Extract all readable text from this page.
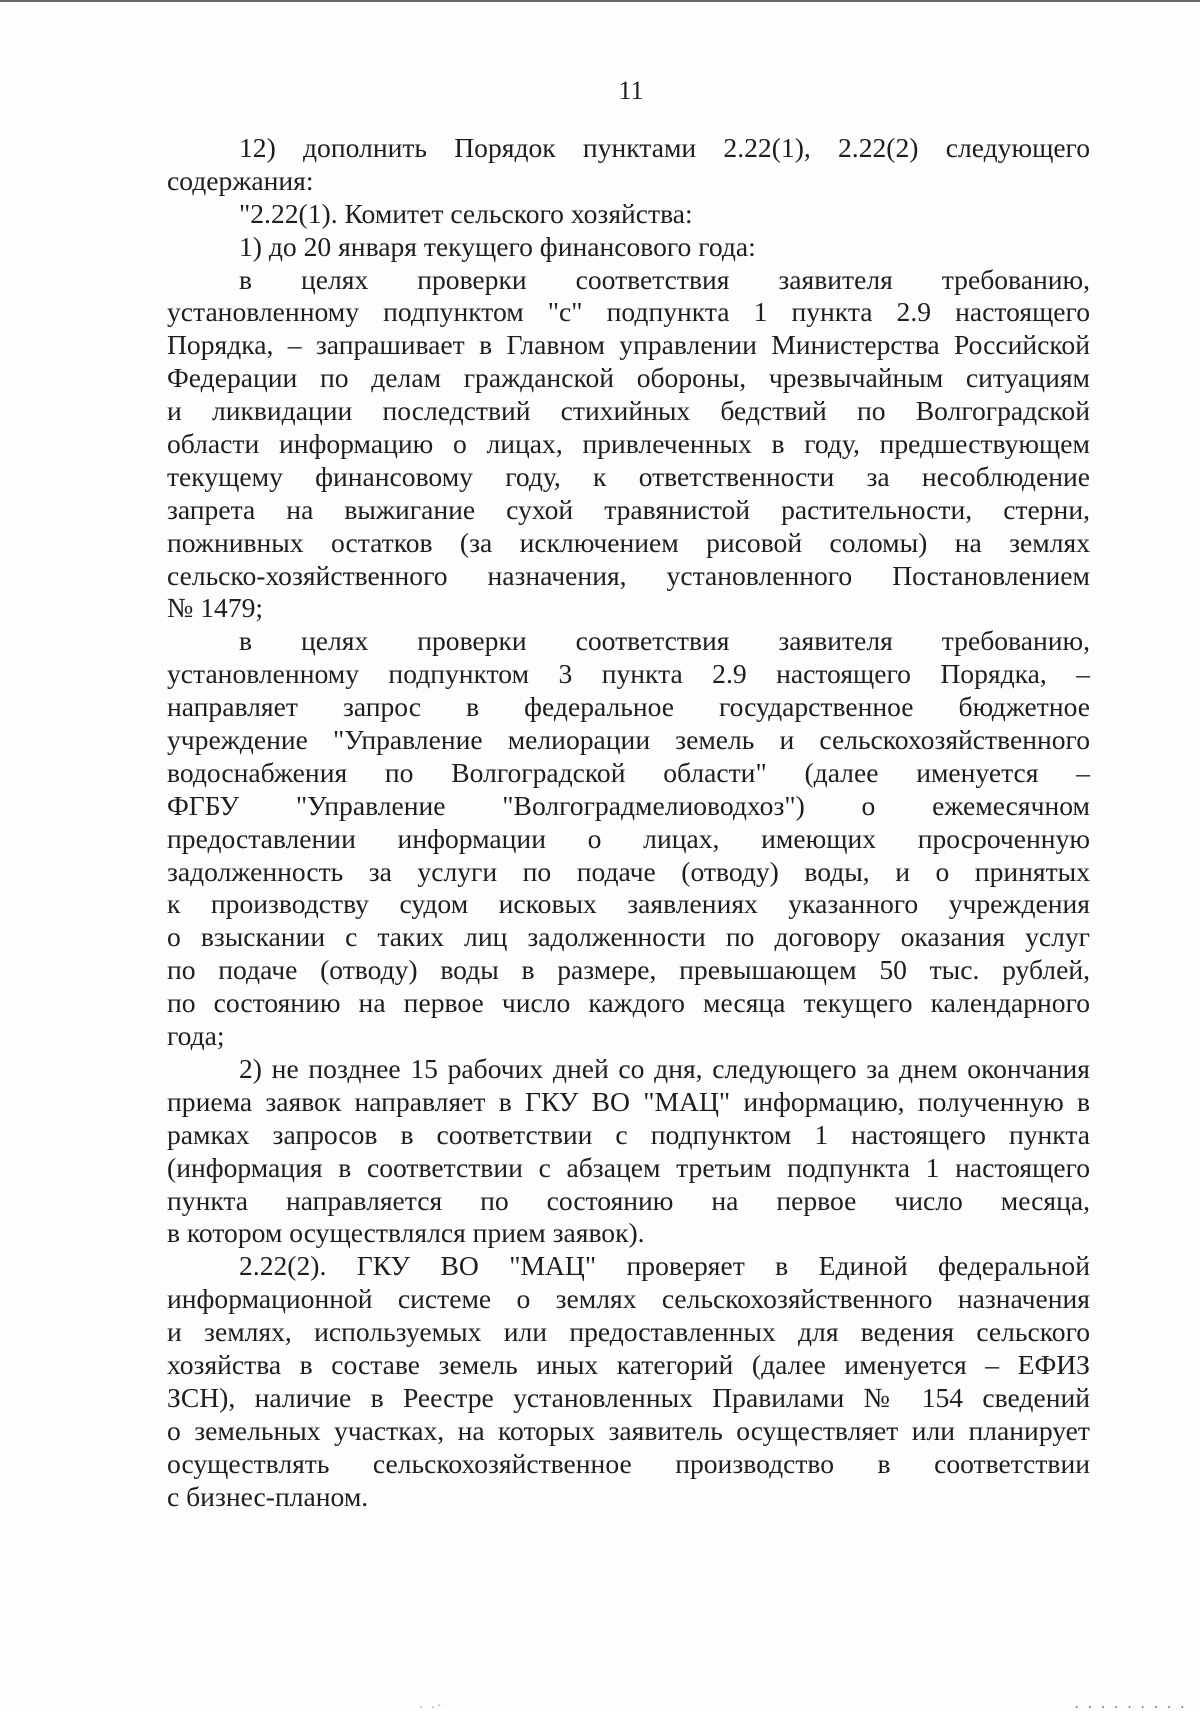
11
12) дополнить Порядок пунктами 2.22(1), 2.22(2) следующего
содержания:
"2.22(1). Комитет сельского хозяйства:
1) до 20 января текущего финансового года:
в целях проверки соответствия заявителя требованию,
установленному подпунктом "с" подпункта 1 пункта 2.9 настоящего
Порядка, – запрашивает в Главном управлении Министерства Российской
Федерации по делам гражданской обороны, чрезвычайным ситуациям
и ликвидации последствий стихийных бедствий по Волгоградской
области информацию о лицах, привлеченных в году, предшествующем
текущему финансовому году, к ответственности за несоблюдение
запрета на выжигание сухой травянистой растительности, стерни,
пожнивных остатков (за исключением рисовой соломы) на землях
сельско-хозяйственного назначения, установленного Постановлением
№ 1479;
в целях проверки соответствия заявителя требованию,
установленному подпунктом 3 пункта 2.9 настоящего Порядка, –
направляет запрос в федеральное государственное бюджетное
учреждение "Управление мелиорации земель и сельскохозяйственного
водоснабжения по Волгоградской области" (далее именуется –
ФГБУ "Управление "Волгоградмелиоводхоз") о ежемесячном
предоставлении информации о лицах, имеющих просроченную
задолженность за услуги по подаче (отводу) воды, и о принятых
к производству судом исковых заявлениях указанного учреждения
о взыскании с таких лиц задолженности по договору оказания услуг
по подаче (отводу) воды в размере, превышающем 50 тыс. рублей,
по состоянию на первое число каждого месяца текущего календарного
года;
2) не позднее 15 рабочих дней со дня, следующего за днем окончания
приема заявок направляет в ГКУ ВО "МАЦ" информацию, полученную в
рамках запросов в соответствии с подпунктом 1 настоящего пункта
(информация в соответствии с абзацем третьим подпункта 1 настоящего
пункта направляется по состоянию на первое число месяца,
в котором осуществлялся прием заявок).
2.22(2). ГКУ ВО "МАЦ" проверяет в Единой федеральной
информационной системе о землях сельскохозяйственного назначения
и землях, используемых или предоставленных для ведения сельского
хозяйства в составе земель иных категорий (далее именуется – ЕФИЗ
ЗСН), наличие в Реестре установленных Правилами № 154 сведений
о земельных участках, на которых заявитель осуществляет или планирует
осуществлять сельскохозяйственное производство в соответствии
с бизнес-планом.
. .-	.........
